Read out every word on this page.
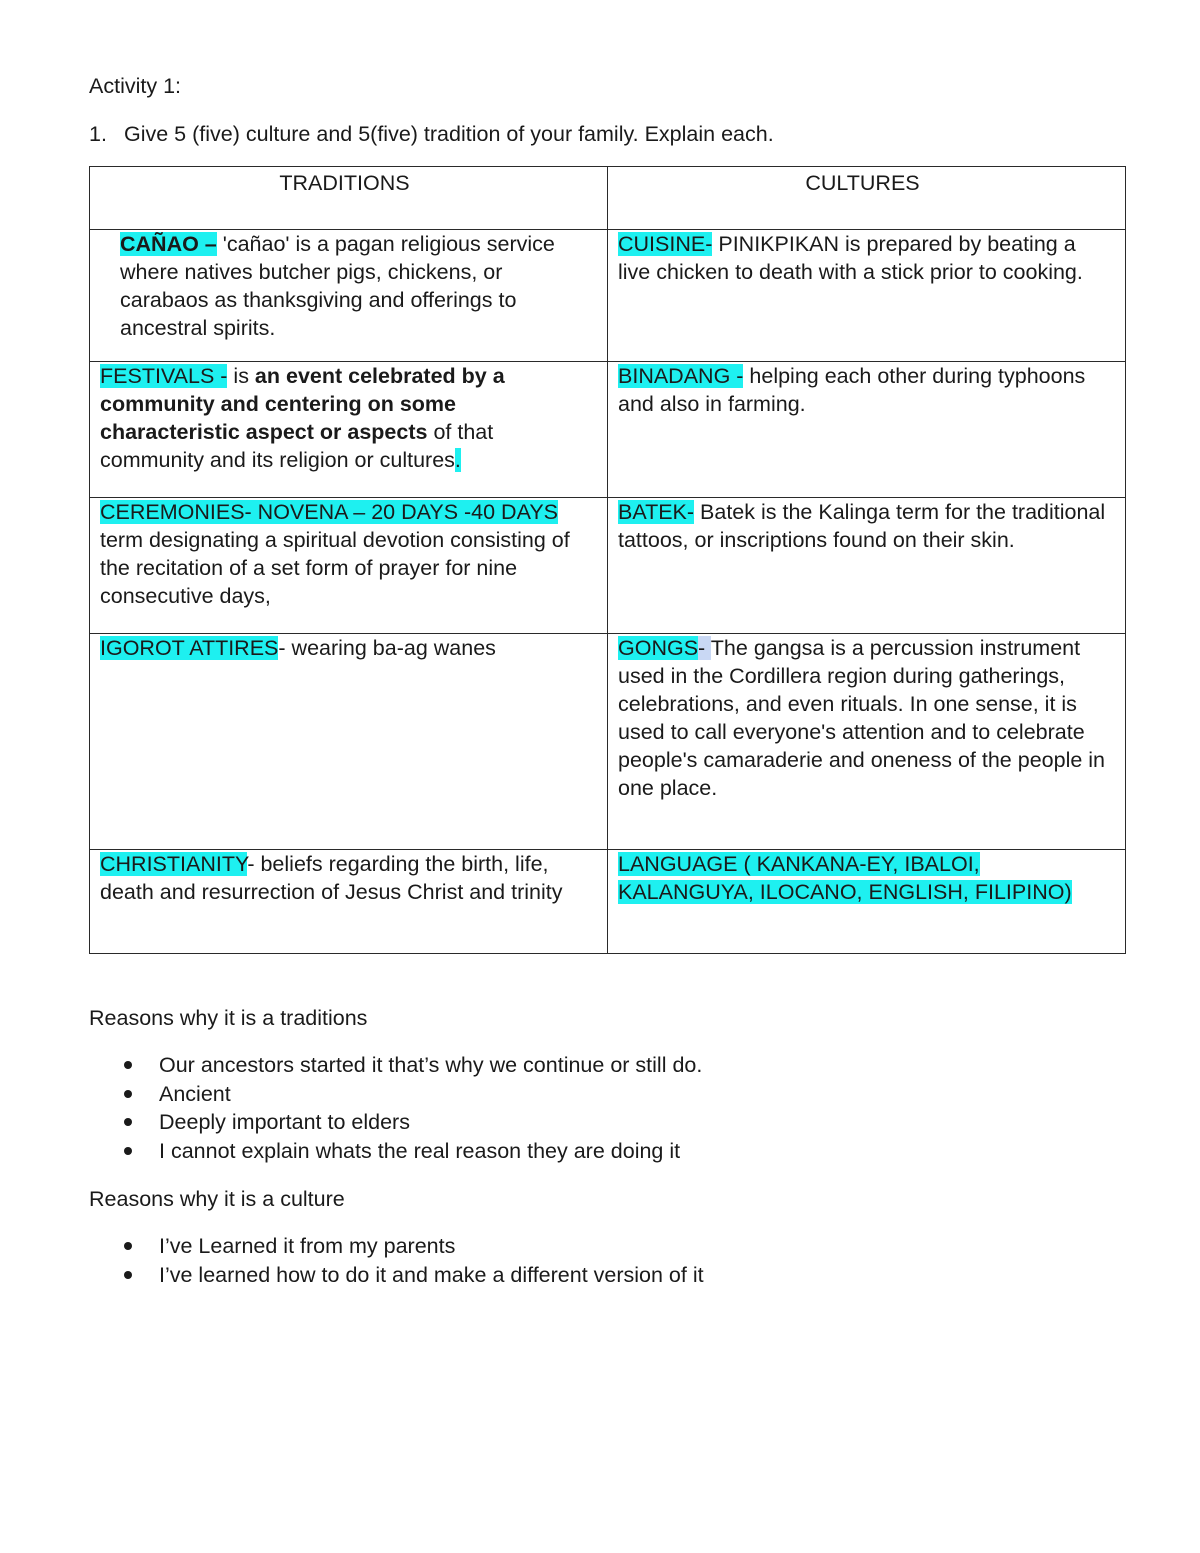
Activity 1:
1. Give 5 (five) culture and 5(five) tradition of your family. Explain each.
TRADITIONS	CULTURES

CAÑAO – 'cañao' is a pagan religious service where natives butcher pigs, chickens, or carabaos as thanksgiving and offerings to ancestral spirits.	CUISINE- PINIKPIKAN is prepared by beating a live chicken to death with a stick prior to cooking.
FESTIVALS - is an event celebrated by a community and centering on some characteristic aspect or aspects of that community and its religion or cultures.	BINADANG - helping each other during typhoons and also in farming.
CEREMONIES- NOVENA – 20 DAYS -40 DAYS term designating a spiritual devotion consisting of the recitation of a set form of prayer for nine consecutive days,	BATEK- Batek is the Kalinga term for the traditional tattoos, or inscriptions found on their skin.
IGOROT ATTIRES- wearing ba-ag wanes	GONGS- The gangsa is a percussion instrument used in the Cordillera region during gatherings, celebrations, and even rituals. In one sense, it is used to call everyone's attention and to celebrate people's camaraderie and oneness of the people in one place.
CHRISTIANITY- beliefs regarding the birth, life, death and resurrection of Jesus Christ and trinity	LANGUAGE ( KANKANA-EY, IBALOI, KALANGUYA, ILOCANO, ENGLISH, FILIPINO)
Reasons why it is a traditions
Our ancestors started it that’s why we continue or still do.
Ancient
Deeply important to elders
I cannot explain whats the real reason they are doing it
Reasons why it is a culture
I’ve Learned it from my parents
I’ve learned how to do it and make a different version of it
